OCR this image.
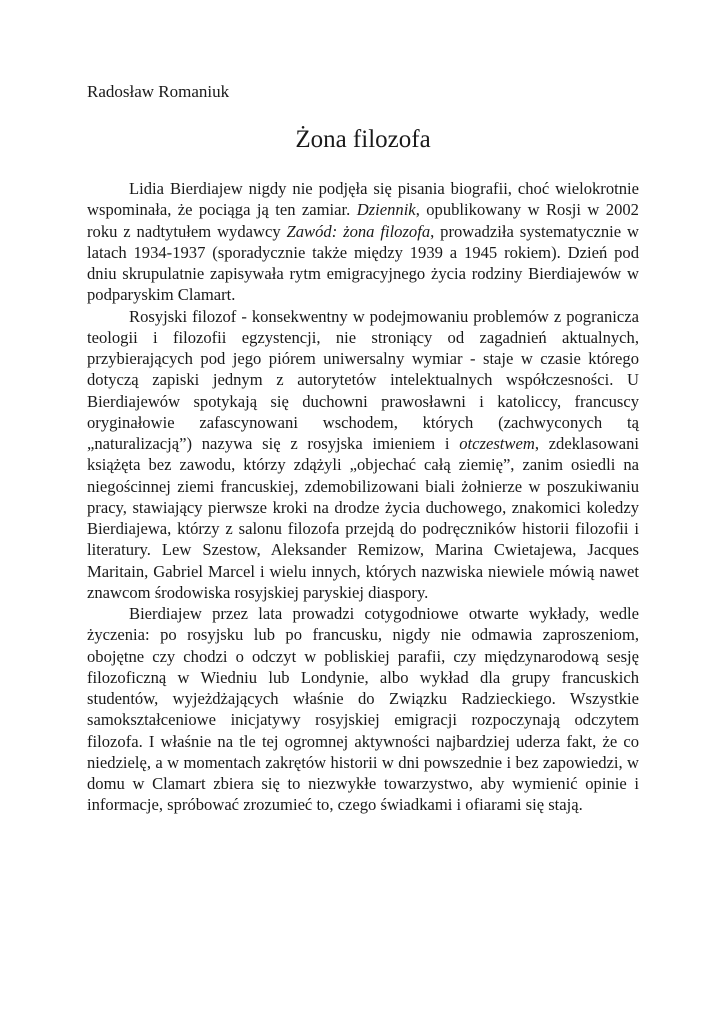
Radosław Romaniuk

Żona filozofa

Lidia Bierdiajew nigdy nie podjęła się pisania biografii, choć wielokrotnie wspominała, że pociąga ją ten zamiar. Dziennik, opublikowany w Rosji w 2002 roku z nadtytułem wydawcy Zawód: żona filozofa, prowadziła systematycznie w latach 1934-1937 (sporadycznie także między 1939 a 1945 rokiem). Dzień pod dniu skrupulatnie zapisywała rytm emigracyjnego życia rodziny Bierdiajewów w podparyskim Clamart.

Rosyjski filozof - konsekwentny w podejmowaniu problemów z pogranicza teologii i filozofii egzystencji, nie stroniący od zagadnień aktualnych, przybierających pod jego piórem uniwersalny wymiar - staje w czasie którego dotyczą zapiski jednym z autorytetów intelektualnych współczesności. U Bierdiajewów spotykają się duchowni prawosławni i katoliccy, francuscy oryginałowie zafascynowani wschodem, których (zachwyconych tą „naturalizacją”) nazywa się z rosyjska imieniem i otczestwem, zdeklasowani książęta bez zawodu, którzy zdążyli „objechać całą ziemię”, zanim osiedli na niegościnnej ziemi francuskiej, zdemobilizowani biali żołnierze w poszukiwaniu pracy, stawiający pierwsze kroki na drodze życia duchowego, znakomici koledzy Bierdiajewa, którzy z salonu filozofa przejdą do podręczników historii filozofii i literatury. Lew Szestow, Aleksander Remizow, Marina Cwietajewa, Jacques Maritain, Gabriel Marcel i wielu innych, których nazwiska niewiele mówią nawet znawcom środowiska rosyjskiej paryskiej diaspory.

Bierdiajew przez lata prowadzi cotygodniowe otwarte wykłady, wedle życzenia: po rosyjsku lub po francusku, nigdy nie odmawia zaproszeniom, obojętne czy chodzi o odczyt w pobliskiej parafii, czy międzynarodową sesję filozoficzną w Wiedniu lub Londynie, albo wykład dla grupy francuskich studentów, wyjeżdżających właśnie do Związku Radzieckiego. Wszystkie samokształceniowe inicjatywy rosyjskiej emigracji rozpoczynają odczytem filozofa. I właśnie na tle tej ogromnej aktywności najbardziej uderza fakt, że co niedzielę, a w momentach zakrętów historii w dni powszednie i bez zapowiedzi, w domu w Clamart zbiera się to niezwykłe towarzystwo, aby wymienić opinie i informacje, spróbować zrozumieć to, czego świadkami i ofiarami się stają.
